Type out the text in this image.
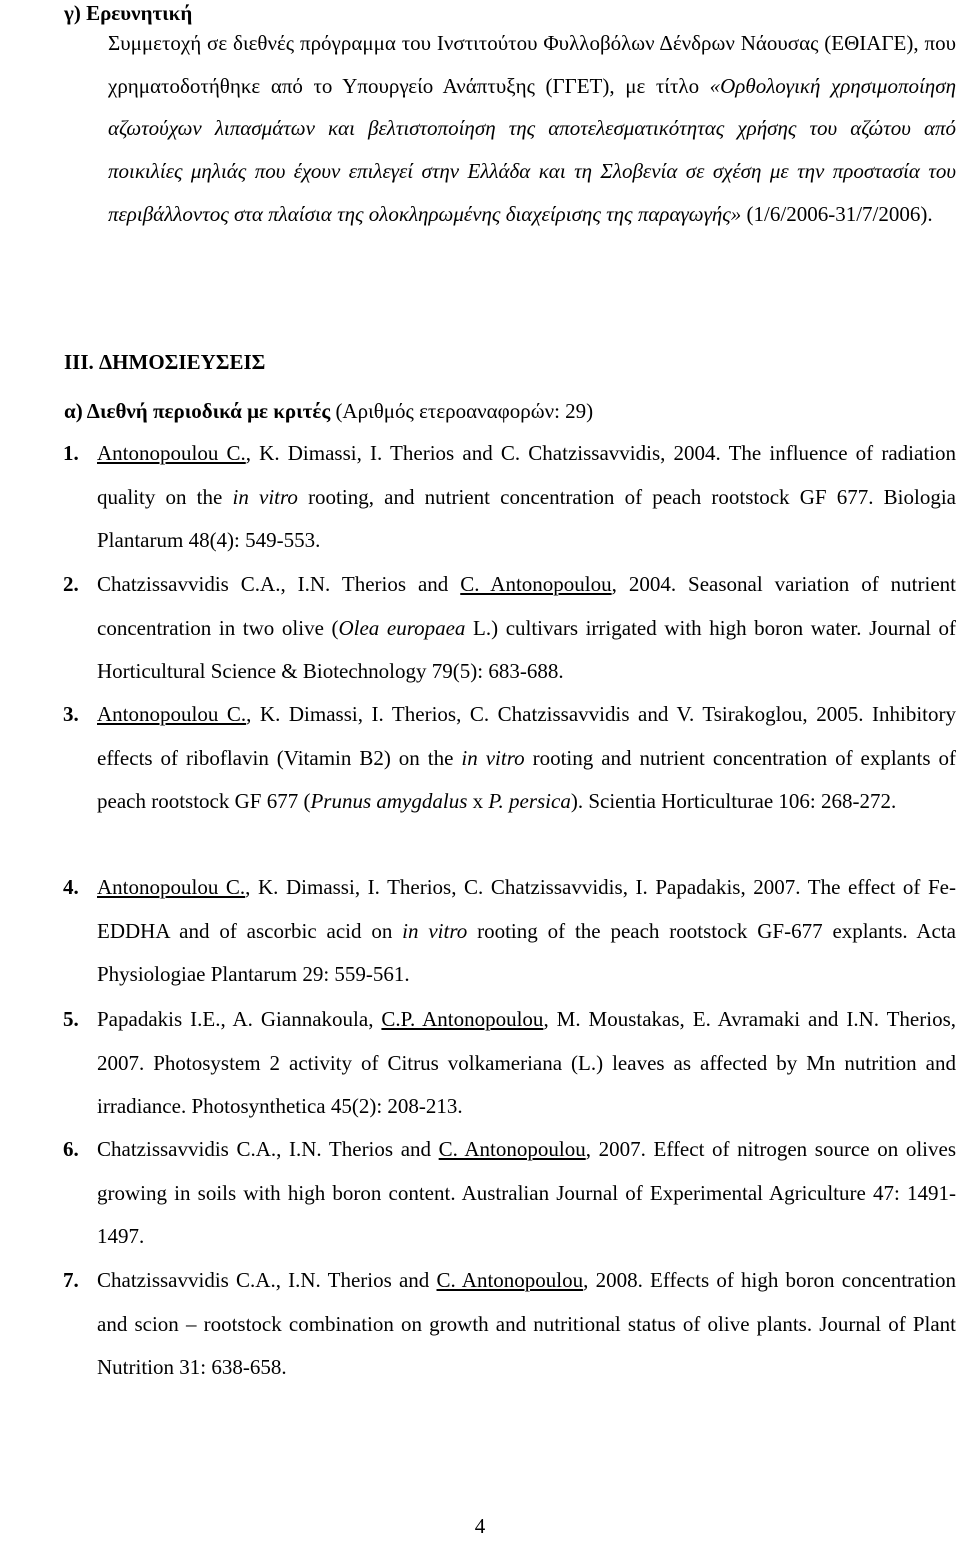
γ) Ερευνητική
Συμμετοχή σε διεθνές πρόγραμμα του Ινστιτούτου Φυλλοβόλων Δένδρων Νάουσας (ΕΘΙΑΓΕ), που χρηματοδοτήθηκε από το Υπουργείο Ανάπτυξης (ΓΓΕΤ), με τίτλο «Ορθολογική χρησιμοποίηση αζωτούχων λιπασμάτων και βελτιστοποίηση της αποτελεσματικότητας χρήσης του αζώτου από ποικιλίες μηλιάς που έχουν επιλεγεί στην Ελλάδα και τη Σλοβενία σε σχέση με την προστασία του περιβάλλοντος στα πλαίσια της ολοκληρωμένης διαχείρισης της παραγωγής» (1/6/2006-31/7/2006).
III. ΔΗΜΟΣΙΕΥΣΕΙΣ
α) Διεθνή περιοδικά με κριτές (Αριθμός ετεροαναφορών: 29)
1. Antonopoulou C., K. Dimassi, I. Therios and C. Chatzissavvidis, 2004. The influence of radiation quality on the in vitro rooting, and nutrient concentration of peach rootstock GF 677. Biologia Plantarum 48(4): 549-553.
2. Chatzissavvidis C.A., I.N. Therios and C. Antonopoulou, 2004. Seasonal variation of nutrient concentration in two olive (Olea europaea L.) cultivars irrigated with high boron water. Journal of Horticultural Science & Biotechnology 79(5): 683-688.
3. Antonopoulou C., K. Dimassi, I. Therios, C. Chatzissavvidis and V. Tsirakoglou, 2005. Inhibitory effects of riboflavin (Vitamin B2) on the in vitro rooting and nutrient concentration of explants of peach rootstock GF 677 (Prunus amygdalus x P. persica). Scientia Horticulturae 106: 268-272.
4. Antonopoulou C., K. Dimassi, I. Therios, C. Chatzissavvidis, I. Papadakis, 2007. The effect of Fe-EDDHA and of ascorbic acid on in vitro rooting of the peach rootstock GF-677 explants. Acta Physiologiae Plantarum 29: 559-561.
5. Papadakis I.E., A. Giannakoula, C.P. Antonopoulou, M. Moustakas, E. Avramaki and I.N. Therios, 2007. Photosystem 2 activity of Citrus volkameriana (L.) leaves as affected by Mn nutrition and irradiance. Photosynthetica 45(2): 208-213.
6. Chatzissavvidis C.A., I.N. Therios and C. Antonopoulou, 2007. Effect of nitrogen source on olives growing in soils with high boron content. Australian Journal of Experimental Agriculture 47: 1491-1497.
7. Chatzissavvidis C.A., I.N. Therios and C. Antonopoulou, 2008. Effects of high boron concentration and scion – rootstock combination on growth and nutritional status of olive plants. Journal of Plant Nutrition 31: 638-658.
4
